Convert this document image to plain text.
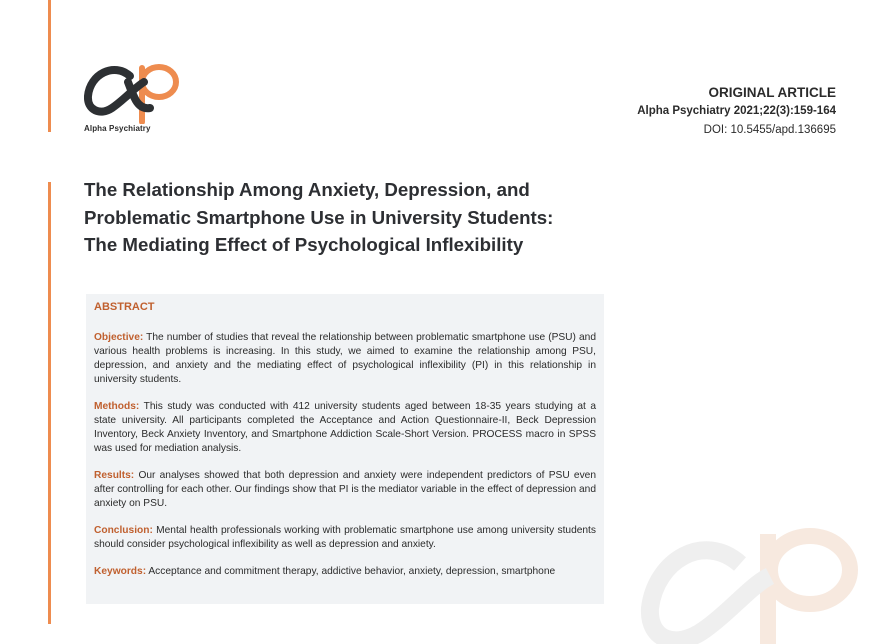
Alpha Psychiatry
ORIGINAL ARTICLE
Alpha Psychiatry 2021;22(3):159-164
DOI: 10.5455/apd.136695
The Relationship Among Anxiety, Depression, and
Problematic Smartphone Use in University Students:
The Mediating Effect of Psychological Inflexibility
ABSTRACT

Objective: The number of studies that reveal the relationship between problematic smartphone use (PSU) and various health problems is increasing. In this study, we aimed to examine the relationship among PSU, depression, and anxiety and the mediating effect of psychological inflexibility (PI) in this relationship in university students.

Methods: This study was conducted with 412 university students aged between 18-35 years studying at a state university. All participants completed the Acceptance and Action Questionnaire-II, Beck Depression Inventory, Beck Anxiety Inventory, and Smartphone Addiction Scale-Short Version. PROCESS macro in SPSS was used for mediation analysis.

Results: Our analyses showed that both depression and anxiety were independent predictors of PSU even after controlling for each other. Our findings show that PI is the mediator variable in the effect of depression and anxiety on PSU.

Conclusion: Mental health professionals working with problematic smartphone use among university students should consider psychological inflexibility as well as depression and anxiety.

Keywords: Acceptance and commitment therapy, addictive behavior, anxiety, depression, smartphone
